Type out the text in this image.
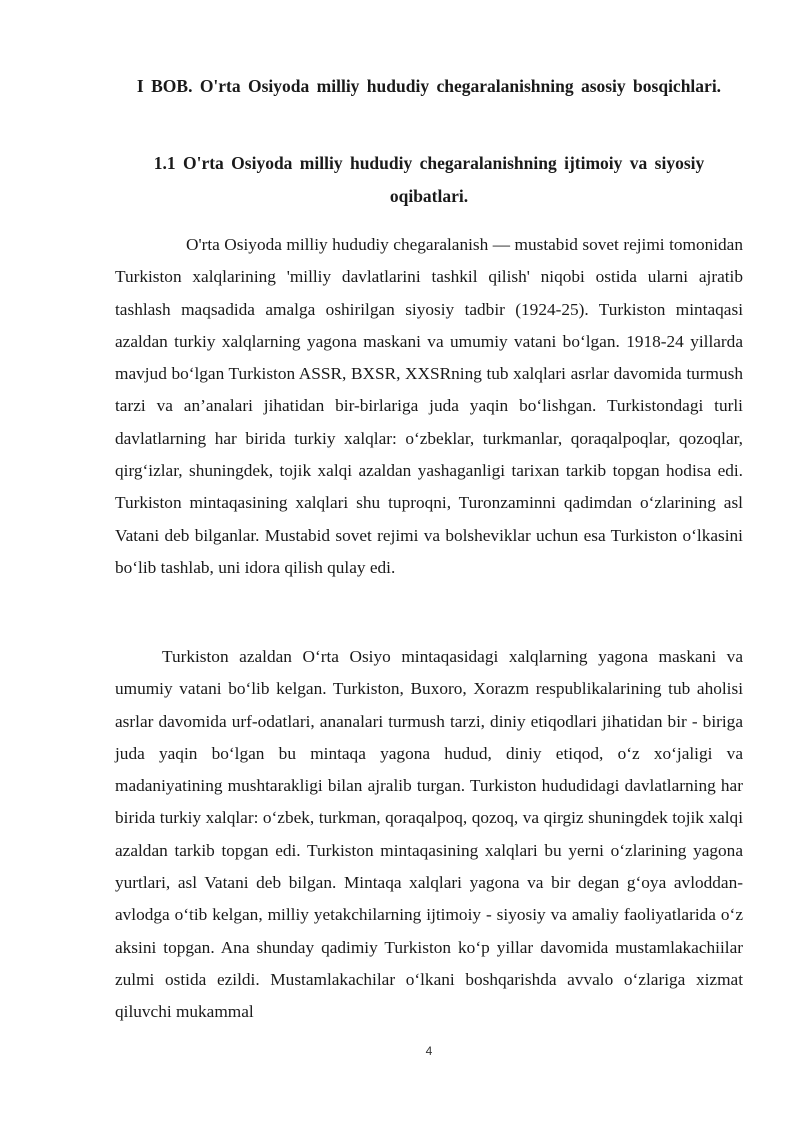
I BOB. O'rta Osiyoda milliy hududiy chegaralanishning asosiy bosqichlari.
1.1 O'rta Osiyoda milliy hududiy chegaralanishning ijtimoiy va siyosiy oqibatlari.

O'rta Osiyoda milliy hududiy chegaralanish — mustabid sovet rejimi tomonidan Turkiston xalqlarining 'milliy davlatlarini tashkil qilish' niqobi ostida ularni ajratib tashlash maqsadida amalga oshirilgan siyosiy tadbir (1924-25). Turkiston mintaqasi azaldan turkiy xalqlarning yagona maskani va umumiy vatani bo‘lgan. 1918-24 yillarda mavjud bo‘lgan Turkiston ASSR, BXSR, XXSRning tub xalqlari asrlar davomida turmush tarzi va an’analari jihatidan bir-birlariga juda yaqin bo‘lishgan. Turkistondagi turli davlatlarning har birida turkiy xalqlar: o‘zbeklar, turkmanlar, qoraqalpoqlar, qozoqlar, qirg‘izlar, shuningdek, tojik xalqi azaldan yashaganligi tarixan tarkib topgan hodisa edi. Turkiston mintaqasining xalqlari shu tuproqni, Turonzaminni qadimdan o‘zlarining asl Vatani deb bilganlar. Mustabid sovet rejimi va bolsheviklar uchun esa Turkiston o‘lkasini bo‘lib tashlab, uni idora qilish qulay edi.

Turkiston azaldan O‘rta Osiyo mintaqasidagi xalqlarning yagona maskani va umumiy vatani bo‘lib kelgan. Turkiston, Buxoro, Xorazm respublikalarining tub aholisi asrlar davomida urf-odatlari, ananalari turmush tarzi, diniy etiqodlari jihatidan bir - biriga juda yaqin bo‘lgan bu mintaqa yagona hudud, diniy etiqod, o‘z xo‘jaligi va madaniyatining mushtarakligi bilan ajralib turgan. Turkiston hududidagi davlatlarning har birida turkiy xalqlar: o‘zbek, turkman, qoraqalpoq, qozoq, va qirgiz shuningdek tojik xalqi azaldan tarkib topgan edi. Turkiston mintaqasining xalqlari bu yerni o‘zlarining yagona yurtlari, asl Vatani deb bilgan. Mintaqa xalqlari yagona va bir degan g‘oya avloddan-avlodga o‘tib kelgan, milliy yetakchilarning ijtimoiy - siyosiy va amaliy faoliyatlarida o‘z aksini topgan. Ana shunday qadimiy Turkiston ko‘p yillar davomida mustamlakachiilar zulmi ostida ezildi. Mustamlakachilar o‘lkani boshqarishda avvalo o‘zlariga xizmat qiluvchi mukammal

4
